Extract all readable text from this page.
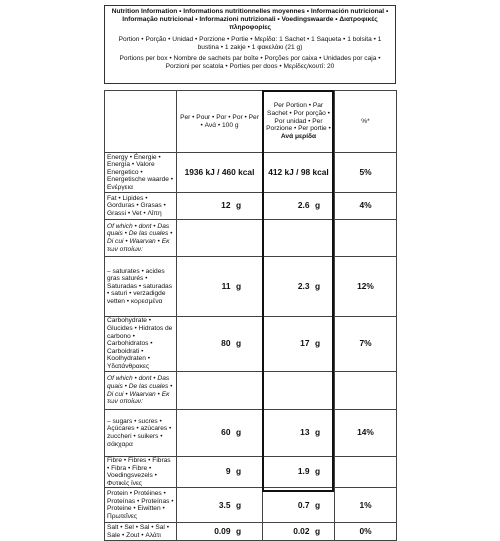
Nutrition Information • Informations nutritionnelles moyennes • Información nutricional • Informação nutricional • Informazioni nutrizionali • Voedingswaarde • Διατροφικές πληροφορίες

Portion • Porção • Unidad • Porzione • Portie • Μερίδα: 1 Sachet • 1 Saqueta • 1 bolsita • 1 bustina • 1 zakje • 1 φακελάκι (21 g)

Portions per box • Nombre de sachets par boîte • Porções por caixa • Unidades por caja • Porzioni per scatola • Porties per doos • Μερίδες/κουτί: 20

	Per • Pour • Por • Por • Per • Ανά • 100 g	Per Portion • Par Sachet • Por porção • Por unidad • Per Porzione • Per portie • Ανά μερίδα	%*
Energy • Énergie • Energía • Valore Energetico • Energetische waarde • Ενέργεια	1936 kJ / 460 kcal	412 kJ / 98 kcal	5%
Fat • Lipides • Gorduras • Grasas • Grassi • Vet • Λίπη	12 g	2.6 g	4%
Of which • dont • Das quais • De las cuales • Di cui • Waarvan • Εκ των οποίων:			
– saturates • acides gras saturés • Saturadas • saturadas • saturi • verzadigde vetten • κορεσμένα	11 g	2.3 g	12%
Carbohydrate • Glucides • Hidratos de carbono • Carbohidratos • Carboidrati • Koolhydraten • Υδατάνθρακες	80 g	17 g	7%
Of which • dont • Das quais • De las cuales • Di cui • Waarvan • Εκ των οποίων:			
– sugars • sucres • Açúcares • azúcares • zuccheri • suikers • σάκχαρα	60 g	13 g	14%
Fibre • Fibres • Fibras • Fibra • Fibre • Voedingsvezels • Φυτικές ίνες	9 g	1.9 g	
Protein • Protéines • Proteínas • Proteínas • Proteine • Eiwitten • Πρωτεΐνες	3.5 g	0.7 g	1%
Salt • Sel • Sal • Sal • Sale • Zout • Αλάτι	0.09 g	0.02 g	0%
